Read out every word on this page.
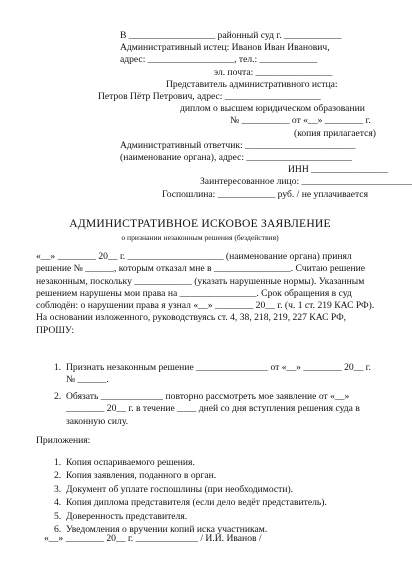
В __________________ районный суд г. ____________
Административный истец: Иванов Иван Иванович,
адрес: __________________, тел.: ____________
эл. почта: ________________
Представитель административного истца:
Петров Пётр Петрович, адрес: ____________________
диплом о высшем юридическом образовании
№ __________ от «__» ________ г.
(копия прилагается)
Административный ответчик: _______________________
(наименование органа), адрес: ______________________
ИНН ________________
Заинтересованное лицо: _______________________
Госпошлина: ____________ руб. / не уплачивается
АДМИНИСТРАТИВНОЕ ИСКОВОЕ ЗАЯВЛЕНИЕ
о признании незаконным решения (бездействия)

«__» ________ 20__ г. ____________________ (наименование органа) принял решение № ______, которым отказал мне в ________________. Считаю решение незаконным, поскольку ____________ (указать нарушенные нормы). Указанным решением нарушены мои права на ________________. Срок обращения в суд соблюдён: о нарушении права я узнал «__» ________ 20__ г. (ч. 1 ст. 219 КАС РФ).

На основании изложенного, руководствуясь ст. 4, 38, 218, 219, 227 КАС РФ,

ПРОШУ:

1. Признать незаконным решение _______________ от «__» ________ 20__ г. № ______.
2. Обязать _____________ повторно рассмотреть мое заявление от «__» ________ 20__ г. в течение ____ дней со дня вступления решения суда в законную силу.
Приложения:
1. Копия оспариваемого решения.
2. Копия заявления, поданного в орган.
3. Документ об уплате госпошлины (при необходимости).
4. Копия диплома представителя (если дело ведёт представитель).
5. Доверенность представителя.
6. Уведомления о вручении копий иска участникам.
«__» ________ 20__ г. _____________ / И.И. Иванов /
